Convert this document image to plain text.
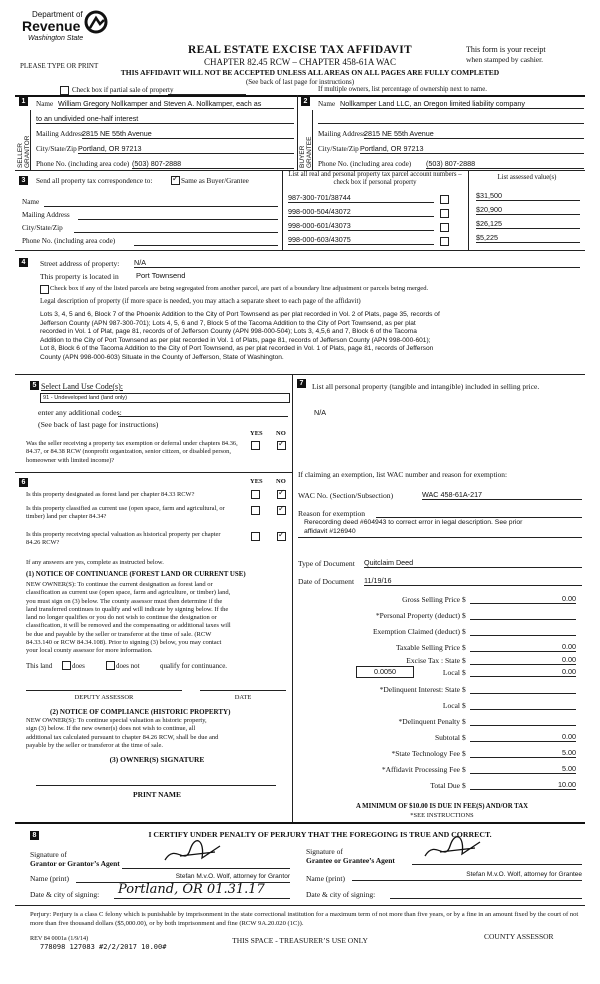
Department of
Revenue
Washington State
REAL ESTATE EXCISE TAX AFFIDAVIT
CHAPTER 82.45 RCW – CHAPTER 458-61A WAC
This form is your receipt
when stamped by cashier.
PLEASE TYPE OR PRINT
THIS AFFIDAVIT WILL NOT BE ACCEPTED UNLESS ALL AREAS ON ALL PAGES ARE FULLY COMPLETED
(See back of last page for instructions)
Check box if partial sale of property	If multiple owners, list percentage of ownership next to name.
1
SELLER GRANTOR
Name William Gregory Nollkamper and Steven A. Nollkamper, each as
to an undivided one-half interest
Mailing Address
2815 NE 55th Avenue
City/State/Zip Portland, OR 97213
Phone No. (including area code) (503) 807-2888
2
BUYER GRANTEE
Name Nollkamper Land LLC, an Oregon limited liability company
Mailing Address
2815 NE 55th Avenue
City/State/Zip Portland, OR 97213
Phone No. (including area code) (503) 807-2888
3	Send all property tax correspondence to:
✓	Same as Buyer/Grantee
Name
Mailing Address
City/State/Zip
Phone No. (including area code)
List all real and personal property tax parcel account numbers – check box if personal property
List assessed value(s)
987-300-701/38744	$31,500
998-000-504/43072	$20,900
998-000-601/43073	$26,125
998-000-603/43075	$5,225
4	Street address of property: N/A
This property is located in Port Townsend
Check box if any of the listed parcels are being segregated from another parcel, are part of a boundary line adjustment or parcels being merged.
Legal description of property (if more space is needed, you may attach a separate sheet to each page of the affidavit)
Lots 3, 4, 5 and 6, Block 7 of the Phoenix Addition to the City of Port Townsend as per plat recorded in Vol. 2 of Plats, page 35, records of
Jefferson County (APN 987-300-701); Lots 4, 5, 6 and 7, Block 5 of the Tacoma Addition to the City of Port Townsend, as per plat
recorded in Vol. 1 of Plat, page 81, records of of Jefferson County (APN 998-000-504); Lots 3, 4,5,6 and 7, Block 6 of the Tacoma
Addition to the City of Port Townsend as per plat recorded in Vol. 1 of Plats, page 81, records of Jefferson County (APN 998-000-601);
Lot 8, Block 6 of the Tacoma Addition to the City of Port Townsend, as per plat recorded in Vol. 1 of Plats, page 81, records of Jefferson
County (APN 998-000-603) Situate in the County of Jefferson, State of Washington.
5 Select Land Use Code(s):
91 - Undeveloped land (land only)
enter any additional codes:
(See back of last page for instructions)
YES NO
Was the seller receiving a property tax exemption or deferral under chapters 84.36, 84.37, or 84.38 RCW (nonprofit organization, senior citizen, or disabled person, homeowner with limited income)?
✓
6	YES NO
Is this property designated as forest land per chapter 84.33 RCW?
✓
Is this property classified as current use (open space, farm and agricultural, or timber) land per chapter 84.34?
✓
Is this property receiving special valuation as historical property per chapter 84.26 RCW?
✓
If any answers are yes, complete as instructed below.
(1) NOTICE OF CONTINUANCE (FOREST LAND OR CURRENT USE)
NEW OWNER(S): To continue the current designation as forest land or
classification as current use (open space, farm and agriculture, or timber) land,
you must sign on (3) below. The county assessor must then determine if the
land transferred continues to qualify and will indicate by signing below. If the
land no longer qualifies or you do not wish to continue the designation or
classification, it will be removed and the compensating or additional taxes will
be due and payable by the seller or transferor at the time of sale. (RCW
84.33.140 or RCW 84.34.108). Prior to signing (3) below, you may contact
your local county assessor for more information.
This land	does	does not	qualify for continuance.
DEPUTY ASSESSOR	DATE
(2) NOTICE OF COMPLIANCE (HISTORIC PROPERTY)
NEW OWNER(S): To continue special valuation as historic property,
sign (3) below. If the new owner(s) does not wish to continue, all
additional tax calculated pursuant to chapter 84.26 RCW, shall be due and
payable by the seller or transferor at the time of sale.
(3) OWNER(S) SIGNATURE
PRINT NAME
7	List all personal property (tangible and intangible) included in selling price.
N/A
If claiming an exemption, list WAC number and reason for exemption:
WAC No. (Section/Subsection)	WAC 458-61A-217
Reason for exemption
Rerecording deed #604943 to correct error in legal description. See prior
affidavit #126940
Type of Document Quitclaim Deed
Date of Document 11/19/16
Gross Selling Price $	0.00
*Personal Property (deduct) $
Exemption Claimed (deduct) $
Taxable Selling Price $	0.00
Excise Tax : State $	0.00
0.0050	Local $	0.00
*Delinquent Interest: State $
Local $
*Delinquent Penalty $
Subtotal $	0.00
*State Technology Fee $	5.00
*Affidavit Processing Fee $	5.00
Total Due $	10.00
A MINIMUM OF $10.00 IS DUE IN FEE(S) AND/OR TAX
*SEE INSTRUCTIONS
8	I CERTIFY UNDER PENALTY OF PERJURY THAT THE FOREGOING IS TRUE AND CORRECT.
Signature of
Grantor or Grantor’s Agent
Name (print)	Stefan M.v.O. Wolf, attorney for Grantor
Date & city of signing: Portland, OR 01.31.17
Signature of
Grantee or Grantee’s Agent
Name (print)	Stefan M.v.O. Wolf, attorney for Grantee
Date & city of signing:
Perjury: Perjury is a class C felony which is punishable by imprisonment in the state correctional institution for a maximum term of not more than five years, or by a fine in an amount fixed by the court of not more than five thousand dollars ($5,000.00), or by both imprisonment and fine (RCW 9A.20.020 (1C)).
REV 84 0001a (1/9/14)
778098 127083 #2/2/2017 10.00#
THIS SPACE - TREASURER’S USE ONLY	COUNTY ASSESSOR
